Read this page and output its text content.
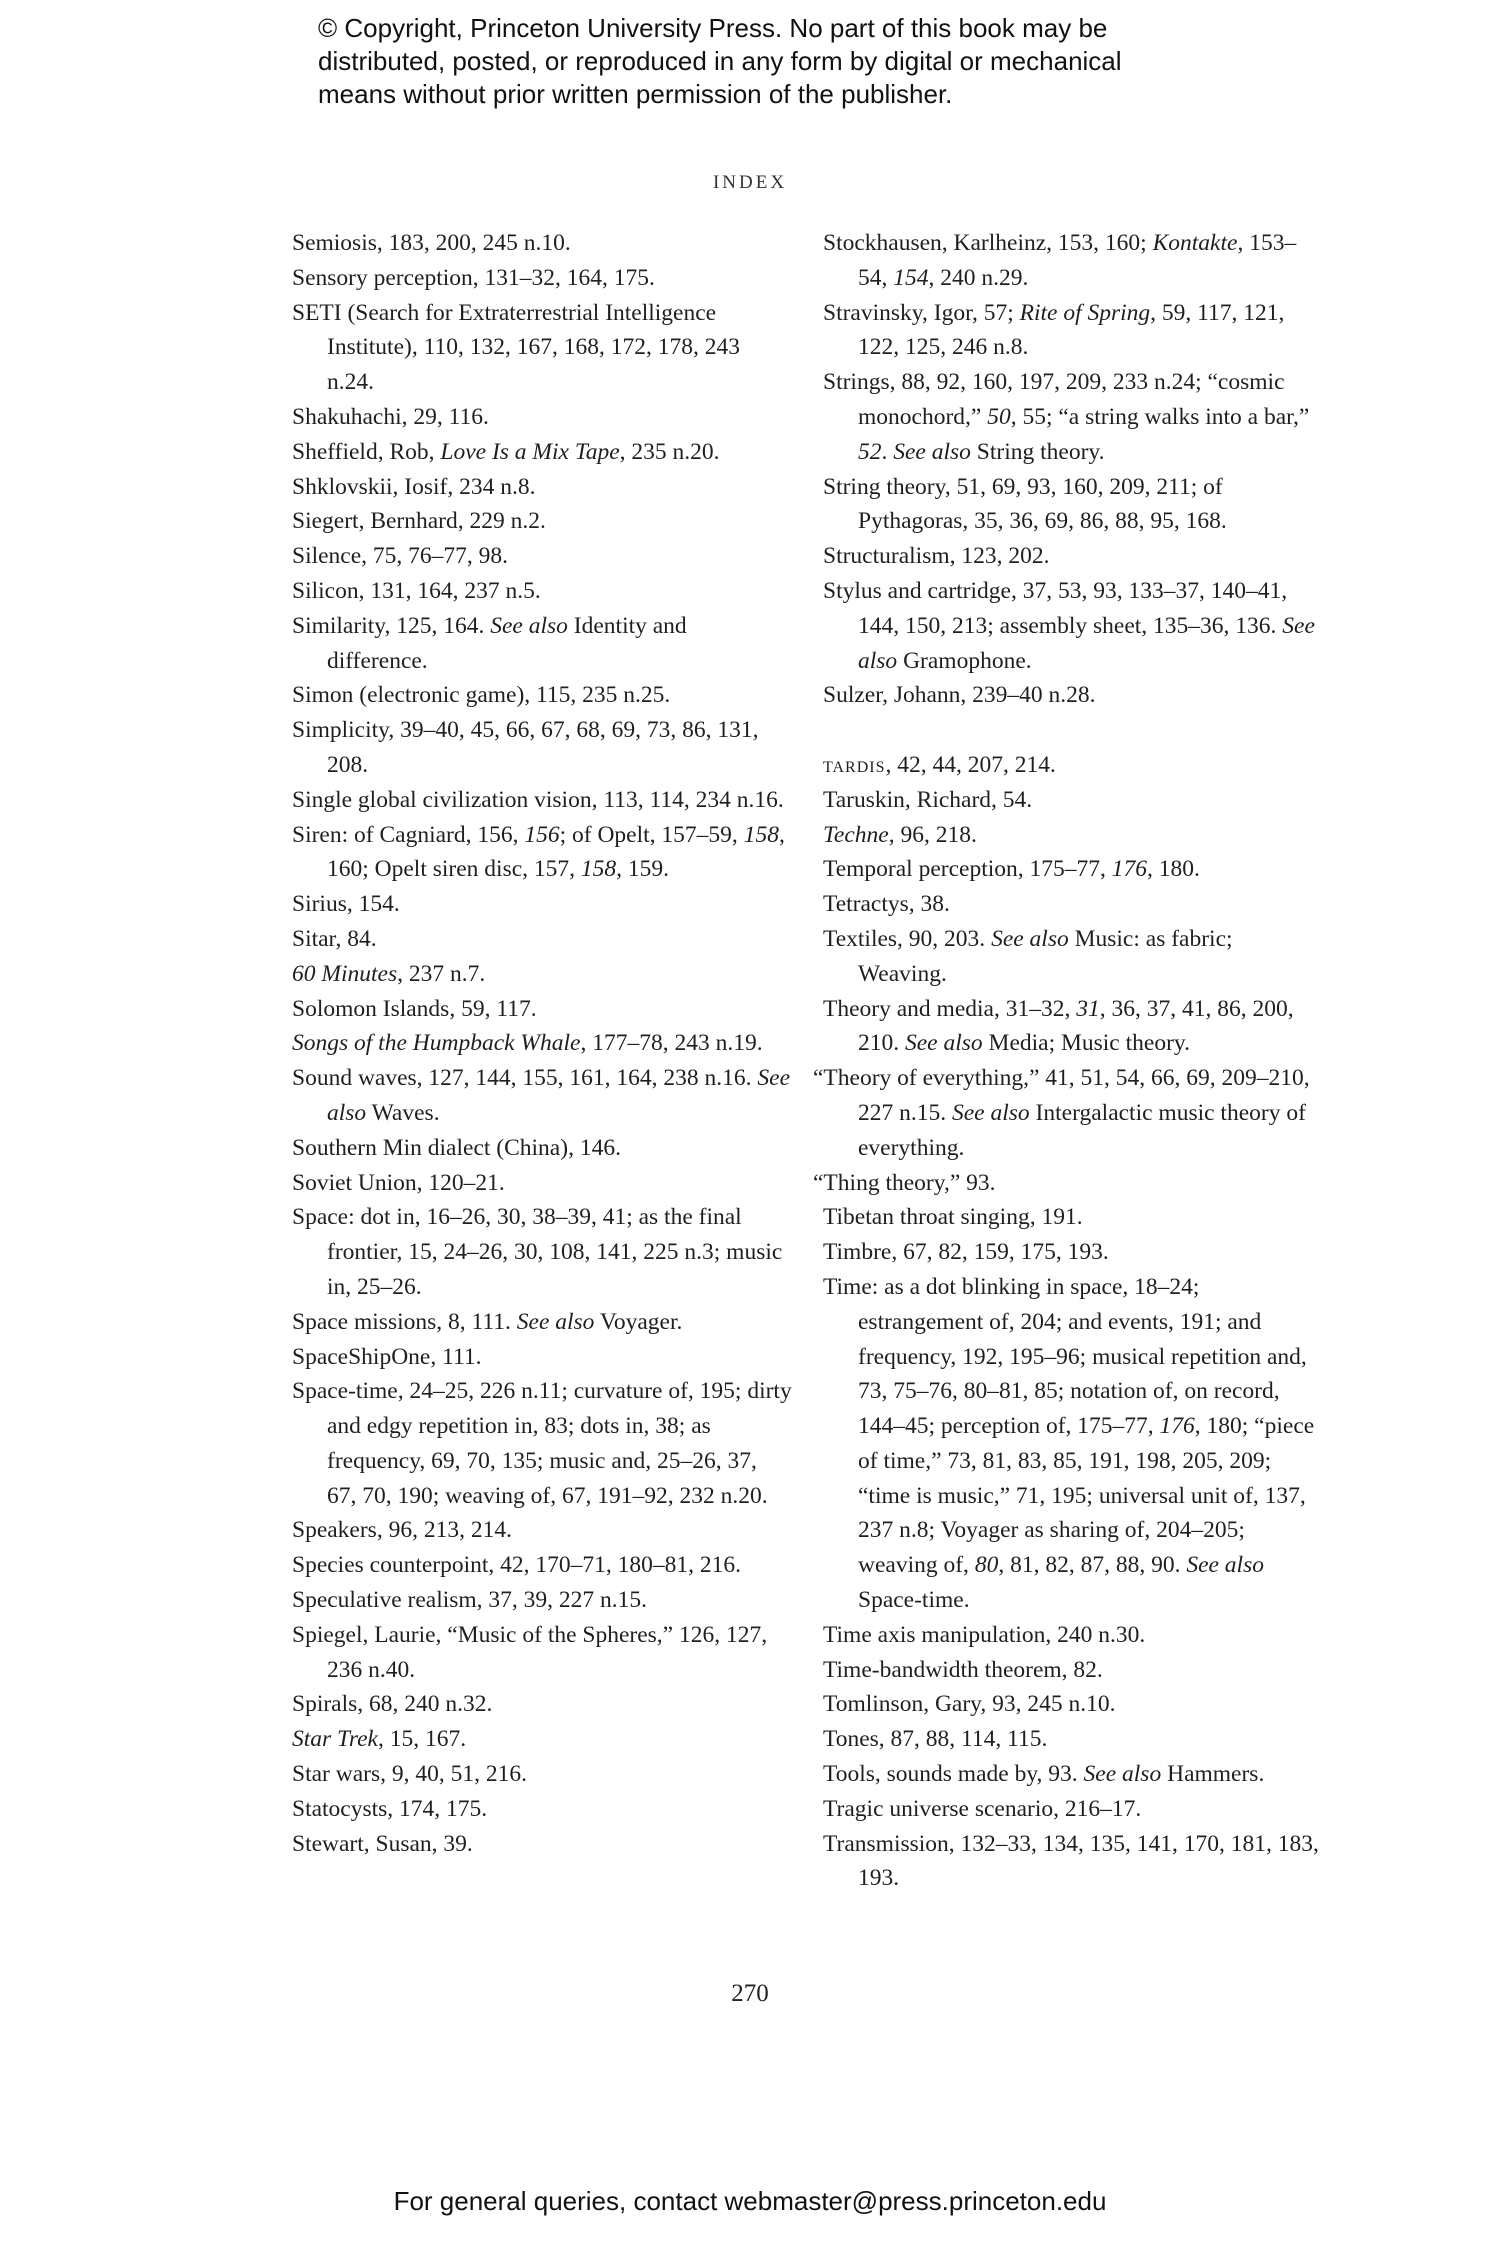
© Copyright, Princeton University Press. No part of this book may be
distributed, posted, or reproduced in any form by digital or mechanical
means without prior written permission of the publisher.
INDEX
Semiosis, 183, 200, 245 n.10.
Sensory perception, 131–32, 164, 175.
SETI (Search for Extraterrestrial Intelligence Institute), 110, 132, 167, 168, 172, 178, 243 n.24.
Shakuhachi, 29, 116.
Sheffield, Rob, Love Is a Mix Tape, 235 n.20.
Shklovskii, Iosif, 234 n.8.
Siegert, Bernhard, 229 n.2.
Silence, 75, 76–77, 98.
Silicon, 131, 164, 237 n.5.
Similarity, 125, 164. See also Identity and difference.
Simon (electronic game), 115, 235 n.25.
Simplicity, 39–40, 45, 66, 67, 68, 69, 73, 86, 131, 208.
Single global civilization vision, 113, 114, 234 n.16.
Siren: of Cagniard, 156, 156; of Opelt, 157–59, 158, 160; Opelt siren disc, 157, 158, 159.
Sirius, 154.
Sitar, 84.
60 Minutes, 237 n.7.
Solomon Islands, 59, 117.
Songs of the Humpback Whale, 177–78, 243 n.19.
Sound waves, 127, 144, 155, 161, 164, 238 n.16. See also Waves.
Southern Min dialect (China), 146.
Soviet Union, 120–21.
Space: dot in, 16–26, 30, 38–39, 41; as the final frontier, 15, 24–26, 30, 108, 141, 225 n.3; music in, 25–26.
Space missions, 8, 111. See also Voyager.
SpaceShipOne, 111.
Space-time, 24–25, 226 n.11; curvature of, 195; dirty and edgy repetition in, 83; dots in, 38; as frequency, 69, 70, 135; music and, 25–26, 37, 67, 70, 190; weaving of, 67, 191–92, 232 n.20.
Speakers, 96, 213, 214.
Species counterpoint, 42, 170–71, 180–81, 216.
Speculative realism, 37, 39, 227 n.15.
Spiegel, Laurie, “Music of the Spheres,” 126, 127, 236 n.40.
Spirals, 68, 240 n.32.
Star Trek, 15, 167.
Star wars, 9, 40, 51, 216.
Statocysts, 174, 175.
Stewart, Susan, 39.
Stockhausen, Karlheinz, 153, 160; Kontakte, 153–54, 154, 240 n.29.
Stravinsky, Igor, 57; Rite of Spring, 59, 117, 121, 122, 125, 246 n.8.
Strings, 88, 92, 160, 197, 209, 233 n.24; “cosmic monochord,” 50, 55; “a string walks into a bar,” 52. See also String theory.
String theory, 51, 69, 93, 160, 209, 211; of Pythagoras, 35, 36, 69, 86, 88, 95, 168.
Structuralism, 123, 202.
Stylus and cartridge, 37, 53, 93, 133–37, 140–41, 144, 150, 213; assembly sheet, 135–36, 136. See also Gramophone.
Sulzer, Johann, 239–40 n.28.
tardis, 42, 44, 207, 214.
Taruskin, Richard, 54.
Techne, 96, 218.
Temporal perception, 175–77, 176, 180.
Tetractys, 38.
Textiles, 90, 203. See also Music: as fabric; Weaving.
Theory and media, 31–32, 31, 36, 37, 41, 86, 200, 210. See also Media; Music theory.
“Theory of everything,” 41, 51, 54, 66, 69, 209–210, 227 n.15. See also Intergalactic music theory of everything.
“Thing theory,” 93.
Tibetan throat singing, 191.
Timbre, 67, 82, 159, 175, 193.
Time: as a dot blinking in space, 18–24; estrangement of, 204; and events, 191; and frequency, 192, 195–96; musical repetition and, 73, 75–76, 80–81, 85; notation of, on record, 144–45; perception of, 175–77, 176, 180; “piece of time,” 73, 81, 83, 85, 191, 198, 205, 209; “time is music,” 71, 195; universal unit of, 137, 237 n.8; Voyager as sharing of, 204–205; weaving of, 80, 81, 82, 87, 88, 90. See also Space-time.
Time axis manipulation, 240 n.30.
Time-bandwidth theorem, 82.
Tomlinson, Gary, 93, 245 n.10.
Tones, 87, 88, 114, 115.
Tools, sounds made by, 93. See also Hammers.
Tragic universe scenario, 216–17.
Transmission, 132–33, 134, 135, 141, 170, 181, 183, 193.
270
For general queries, contact webmaster@press.princeton.edu
